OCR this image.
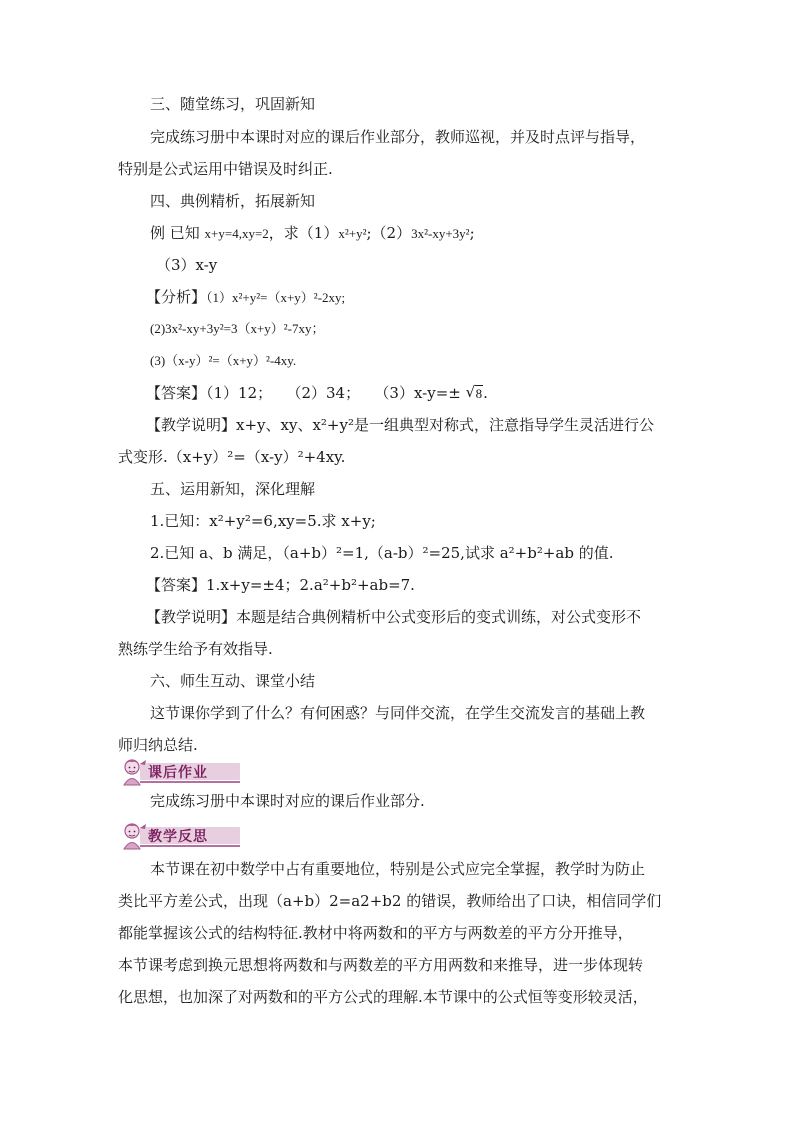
三、随堂练习，巩固新知
完成练习册中本课时对应的课后作业部分，教师巡视，并及时点评与指导，
特别是公式运用中错误及时纠正.
四、典例精析，拓展新知
例 已知 x+y=4,xy=2，求（1）x²+y²;（2）3x²-xy+3y²;
（3）x-y
【分析】（1）x²+y²=（x+y）²-2xy;
(2)3x²-xy+3y²=3（x+y）²-7xy；
(3)（x-y）²=（x+y）²-4xy.
【答案】（1）12； （2）34； （3）x-y=± √ 8.
【教学说明】x+y、xy、x²+y²是一组典型对称式，注意指导学生灵活进行公
式变形.（x+y）²=（x-y）²+4xy.
五、运用新知，深化理解
1.已知：x²+y²=6,xy=5.求 x+y;
2.已知 a、b 满足，（a+b）²=1,（a-b）²=25,试求 a²+b²+ab 的值.
【答案】1.x+y=±4；2.a²+b²+ab=7.
【教学说明】本题是结合典例精析中公式变形后的变式训练，对公式变形不
熟练学生给予有效指导.
六、师生互动、课堂小结
这节课你学到了什么？有何困惑？与同伴交流，在学生交流发言的基础上教
师归纳总结.
课后作业
完成练习册中本课时对应的课后作业部分.
教学反思
本节课在初中数学中占有重要地位，特别是公式应完全掌握，教学时为防止
类比平方差公式，出现（a+b）2=a2+b2 的错误，教师给出了口诀，相信同学们
都能掌握该公式的结构特征.教材中将两数和的平方与两数差的平方分开推导，
本节课考虑到换元思想将两数和与两数差的平方用两数和来推导，进一步体现转
化思想，也加深了对两数和的平方公式的理解.本节课中的公式恒等变形较灵活，
